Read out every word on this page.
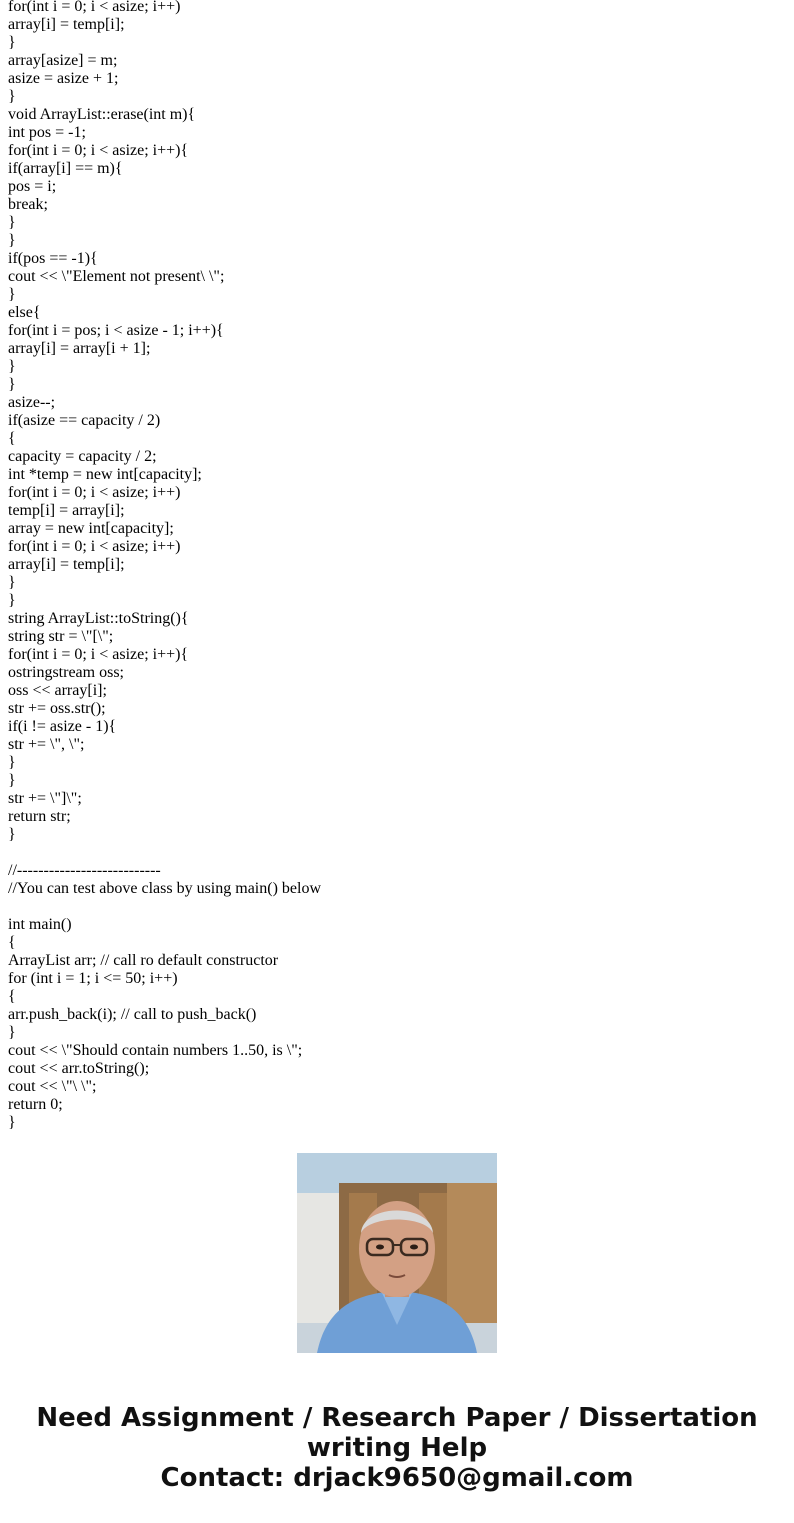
for(int i = 0; i < asize; i++)
array[i] = temp[i];
}
array[asize] = m;
asize = asize + 1;
}
void ArrayList::erase(int m){
int pos = -1;
for(int i = 0; i < asize; i++){
if(array[i] == m){
pos = i;
break;
}
}
if(pos == -1){
cout << \"Element not present\ \";
}
else{
for(int i = pos; i < asize - 1; i++){
array[i] = array[i + 1];
}
}
asize--;
if(asize == capacity / 2)
{
capacity = capacity / 2;
int *temp = new int[capacity];
for(int i = 0; i < asize; i++)
temp[i] = array[i];
array = new int[capacity];
for(int i = 0; i < asize; i++)
array[i] = temp[i];
}
}
string ArrayList::toString(){
string str = \"[\";
for(int i = 0; i < asize; i++){
ostringstream oss;
oss << array[i];
str += oss.str();
if(i != asize - 1){
str += \", \";
}
}
str += \"]\";
return str;
}
//---------------------------
//You can test above class by using main() below
int main()
{
ArrayList arr; // call ro default constructor
for (int i = 1; i <= 50; i++)
{
arr.push_back(i); // call to push_back()
}
cout << \"Should contain numbers 1..50, is \";
cout << arr.toString();
cout << \"\ \";
return 0;
}
Need Assignment / Research Paper / Dissertation
writing Help
Contact: drjack9650@gmail.com
